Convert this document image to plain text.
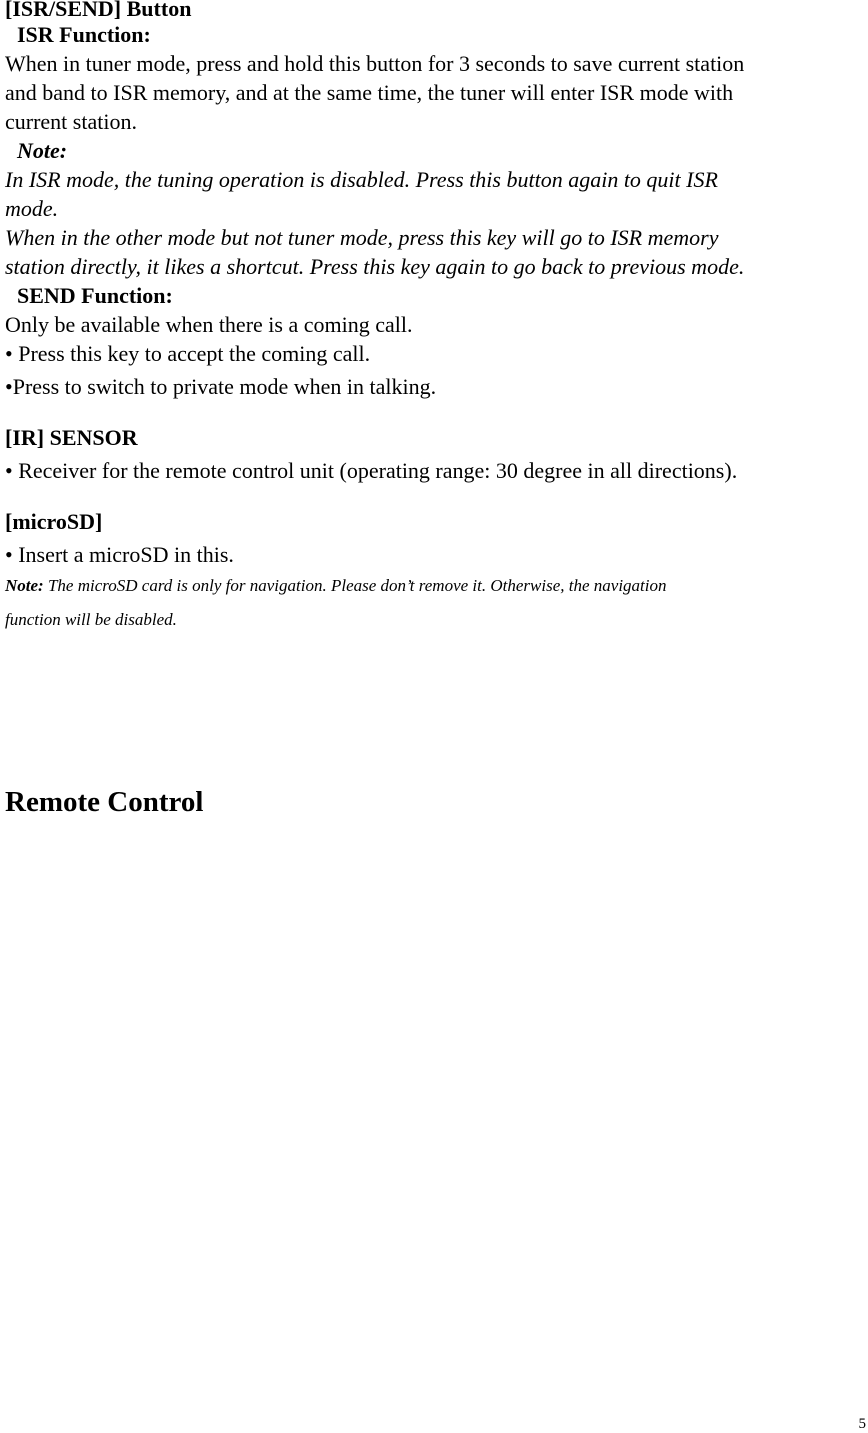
[ISR/SEND] Button
ISR Function:
When in tuner mode, press and hold this button for 3 seconds to save current station
and band to ISR memory, and at the same time, the tuner will enter ISR mode with
current station.
Note:
In ISR mode, the tuning operation is disabled. Press this button again to quit ISR
mode.
When in the other mode but not tuner mode, press this key will go to ISR memory
station directly, it likes a shortcut. Press this key again to go back to previous mode.
SEND Function:
Only be available when there is a coming call.
• Press this key to accept the coming call.
•Press to switch to private mode when in talking.
[IR] SENSOR
• Receiver for the remote control unit (operating range: 30 degree in all directions).
[microSD]
• Insert a microSD in this.
Note: The microSD card is only for navigation. Please don’t remove it. Otherwise, the navigation
function will be disabled.
Remote Control
5
